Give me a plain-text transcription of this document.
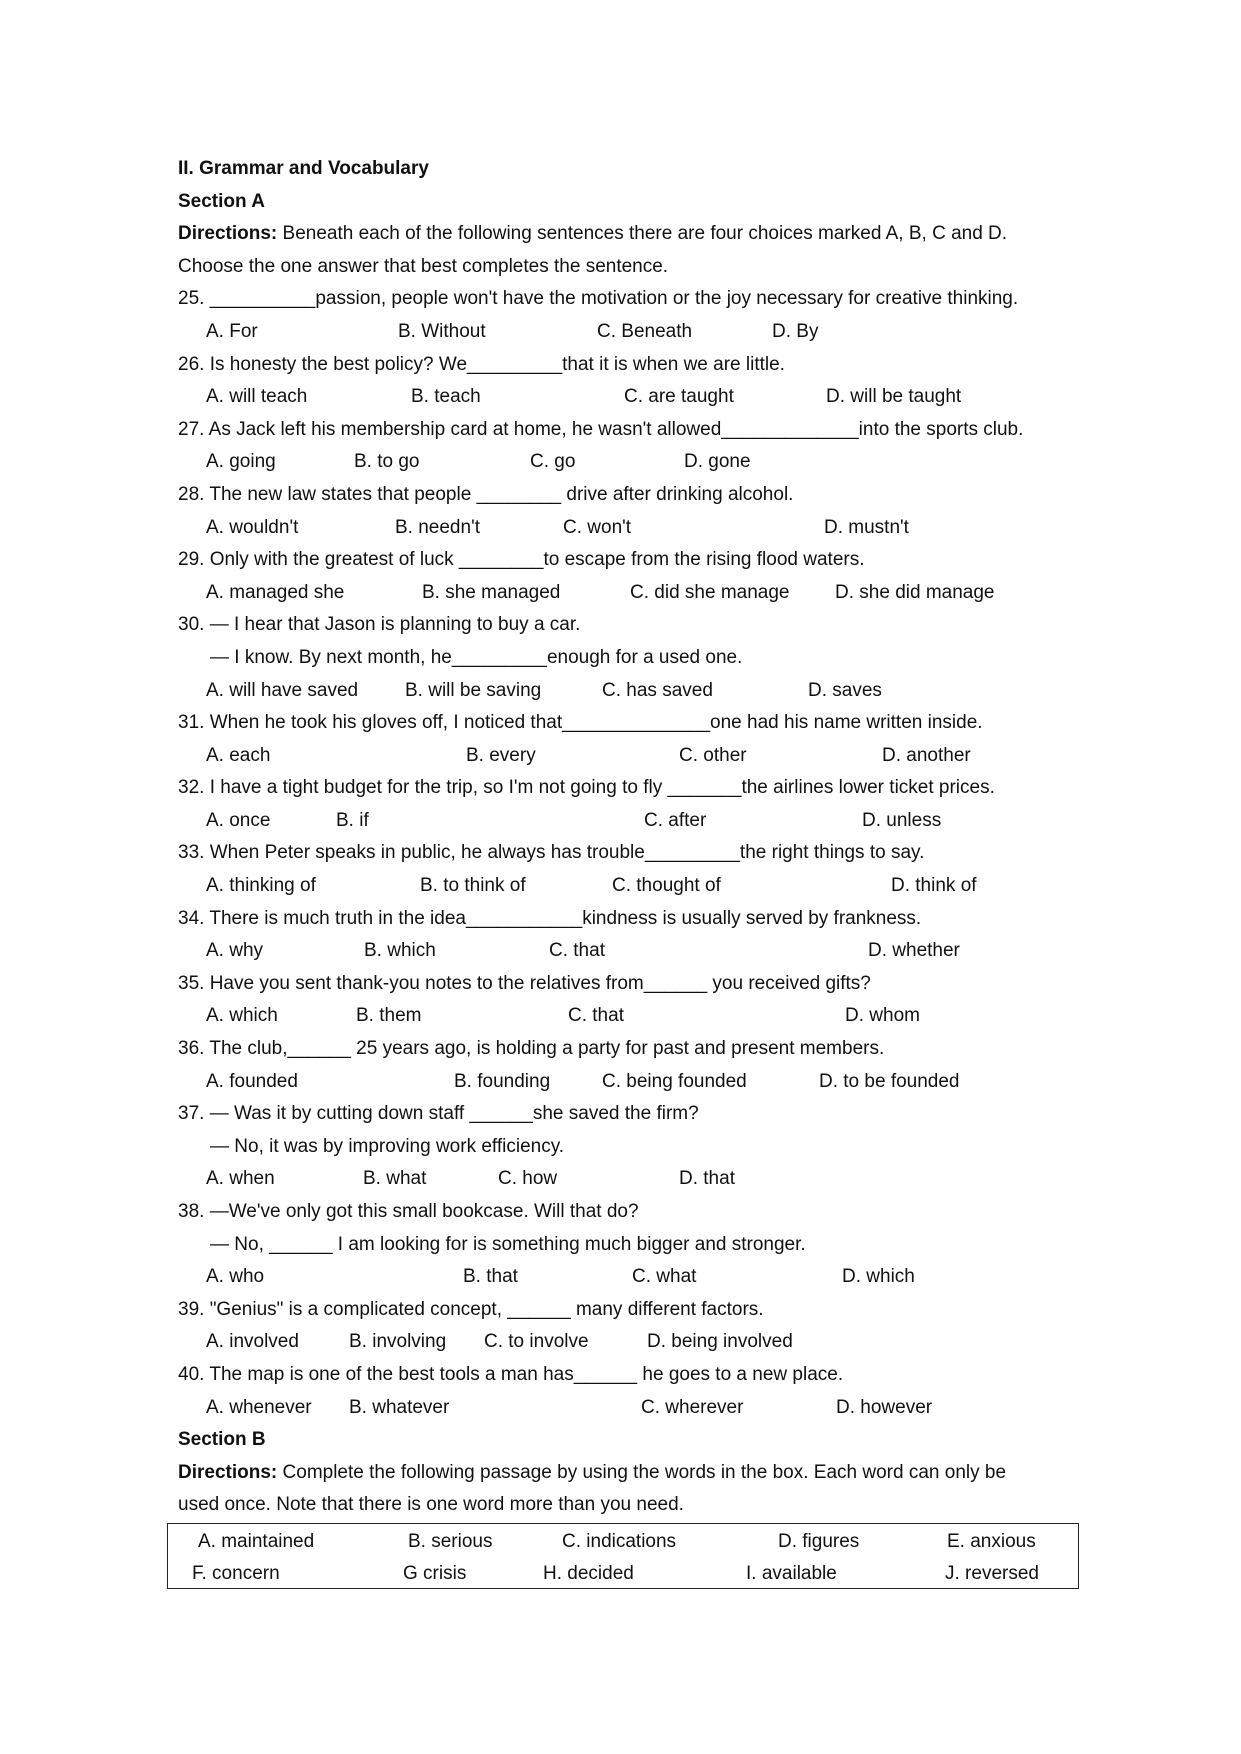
II. Grammar and Vocabulary
Section A
Directions: Beneath each of the following sentences there are four choices marked A, B, C and D.
Choose the one answer that best completes the sentence.
25. __________passion, people won't have the motivation or the joy necessary for creative thinking.
A. For	B. Without	C. Beneath	D. By
26. Is honesty the best policy? We_________that it is when we are little.
A. will teach	B. teach	C. are taught	D. will be taught
27. As Jack left his membership card at home, he wasn't allowed_____________into the sports club.
A. going	B. to go	C. go	D. gone
28. The new law states that people ________ drive after drinking alcohol.
A. wouldn't	B. needn't	C. won't	D. mustn't
29. Only with the greatest of luck ________to escape from the rising flood waters.
A. managed she	B. she managed	C. did she manage D. she did manage
30. — I hear that Jason is planning to buy a car.
— I know. By next month, he_________enough for a used one.
A. will have saved B. will be saving	C. has saved	D. saves
31. When he took his gloves off, I noticed that______________one had his name written inside.
A. each	B. every	C. other	D. another
32. I have a tight budget for the trip, so I'm not going to fly _______the airlines lower ticket prices.
A. once	B. if	C. after	D. unless
33. When Peter speaks in public, he always has trouble_________the right things to say.
A. thinking of	B. to think of	C. thought of	D. think of
34. There is much truth in the idea___________kindness is usually served by frankness.
A. why	B. which	C. that	D. whether
35. Have you sent thank-you notes to the relatives from______ you received gifts?
A. which	B. them	C. that	D. whom
36. The club,______ 25 years ago, is holding a party for past and present members.
A. founded	B. founding	C. being founded	D. to be founded
37. — Was it by cutting down staff ______she saved the firm?
— No, it was by improving work efficiency.
A. when	B. what	C. how	D. that
38. —We've only got this small bookcase. Will that do?
— No, ______ I am looking for is something much bigger and stronger.
A. who	B. that	C. what	D. which
39. "Genius" is a complicated concept, ______ many different factors.
A. involved	B. involving C. to involve	D. being involved
40. The map is one of the best tools a man has______ he goes to a new place.
A. whenever B. whatever	C. wherever	D. however
Section B
Directions: Complete the following passage by using the words in the box. Each word can only be
used once. Note that there is one word more than you need.
A. maintained	B. serious	C. indications	D. figures	E. anxious
F. concern	G crisis	H. decided	I. available	J. reversed
